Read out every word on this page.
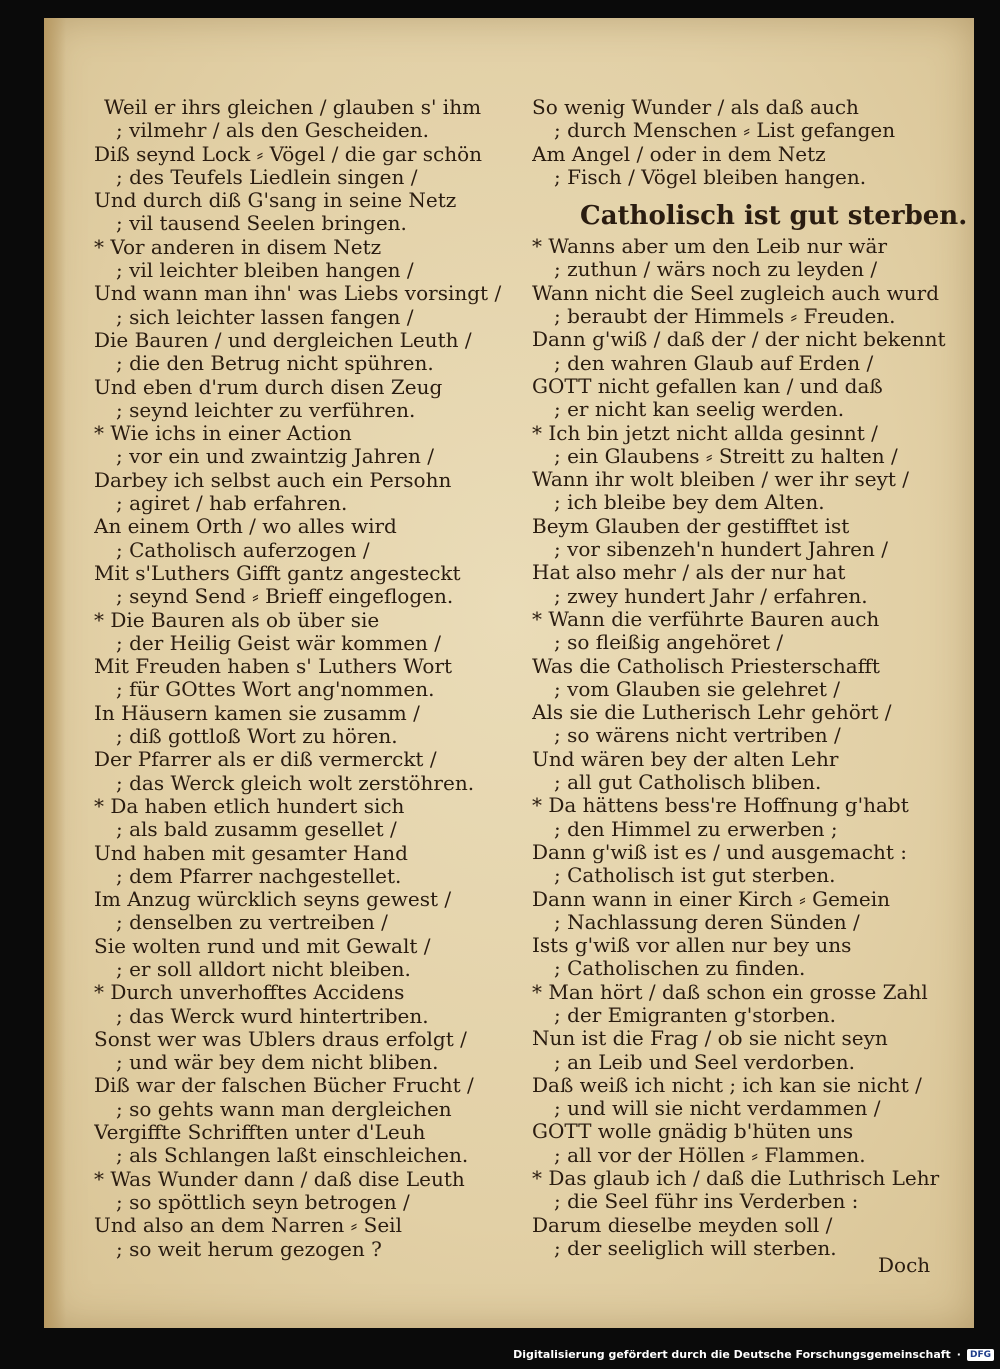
Weil er ihrs gleichen / glauben s' ihm
; vilmehr / als den Gescheiden.
Diß seynd Lock ⸗ Vögel / die gar schön
; des Teufels Liedlein singen /
Und durch diß G'sang in seine Netz
; vil tausend Seelen bringen.
* Vor anderen in disem Netz
; vil leichter bleiben hangen /
Und wann man ihn' was Liebs vorsingt /
; sich leichter lassen fangen /
Die Bauren / und dergleichen Leuth /
; die den Betrug nicht spühren.
Und eben d'rum durch disen Zeug
; seynd leichter zu verführen.
* Wie ichs in einer Action
; vor ein und zwaintzig Jahren /
Darbey ich selbst auch ein Persohn
; agiret / hab erfahren.
An einem Orth / wo alles wird
; Catholisch auferzogen /
Mit s'Luthers Gifft gantz angesteckt
; seynd Send ⸗ Brieff eingeflogen.
* Die Bauren als ob über sie
; der Heilig Geist wär kommen /
Mit Freuden haben s' Luthers Wort
; für GOttes Wort ang'nommen.
In Häusern kamen sie zusamm /
; diß gottloß Wort zu hören.
Der Pfarrer als er diß vermerckt /
; das Werck gleich wolt zerstöhren.
* Da haben etlich hundert sich
; als bald zusamm gesellet /
Und haben mit gesamter Hand
; dem Pfarrer nachgestellet.
Im Anzug würcklich seyns gewest /
; denselben zu vertreiben /
Sie wolten rund und mit Gewalt /
; er soll alldort nicht bleiben.
* Durch unverhofftes Accidens
; das Werck wurd hintertriben.
Sonst wer was Ublers draus erfolgt /
; und wär bey dem nicht bliben.
Diß war der falschen Bücher Frucht /
; so gehts wann man dergleichen
Vergiffte Schrifften unter d'Leuh
; als Schlangen laßt einschleichen.
* Was Wunder dann / daß dise Leuth
; so spöttlich seyn betrogen /
Und also an dem Narren ⸗ Seil
; so weit herum gezogen ?
So wenig Wunder / als daß auch
; durch Menschen ⸗ List gefangen
Am Angel / oder in dem Netz
; Fisch / Vögel bleiben hangen.
Catholisch ist gut sterben.
* Wanns aber um den Leib nur wär
; zuthun / wärs noch zu leyden /
Wann nicht die Seel zugleich auch wurd
; beraubt der Himmels ⸗ Freuden.
Dann g'wiß / daß der / der nicht bekennt
; den wahren Glaub auf Erden /
GOTT nicht gefallen kan / und daß
; er nicht kan seelig werden.
* Ich bin jetzt nicht allda gesinnt /
; ein Glaubens ⸗ Streitt zu halten /
Wann ihr wolt bleiben / wer ihr seyt /
; ich bleibe bey dem Alten.
Beym Glauben der gestifftet ist
; vor sibenzeh'n hundert Jahren /
Hat also mehr / als der nur hat
; zwey hundert Jahr / erfahren.
* Wann die verführte Bauren auch
; so fleißig angehöret /
Was die Catholisch Priesterschafft
; vom Glauben sie gelehret /
Als sie die Lutherisch Lehr gehört /
; so wärens nicht vertriben /
Und wären bey der alten Lehr
; all gut Catholisch bliben.
* Da hättens bess're Hoffnung g'habt
; den Himmel zu erwerben ;
Dann g'wiß ist es / und ausgemacht :
; Catholisch ist gut sterben.
Dann wann in einer Kirch ⸗ Gemein
; Nachlassung deren Sünden /
Ists g'wiß vor allen nur bey uns
; Catholischen zu finden.
* Man hört / daß schon ein grosse Zahl
; der Emigranten g'storben.
Nun ist die Frag / ob sie nicht seyn
; an Leib und Seel verdorben.
Daß weiß ich nicht ; ich kan sie nicht /
; und will sie nicht verdammen /
GOTT wolle gnädig b'hüten uns
; all vor der Höllen ⸗ Flammen.
* Das glaub ich / daß die Luthrisch Lehr
; die Seel führ ins Verderben :
Darum dieselbe meyden soll /
; der seeliglich will sterben.
Doch
Digitalisierung gefördert durch die Deutsche Forschungsgemeinschaft ·	DFG
